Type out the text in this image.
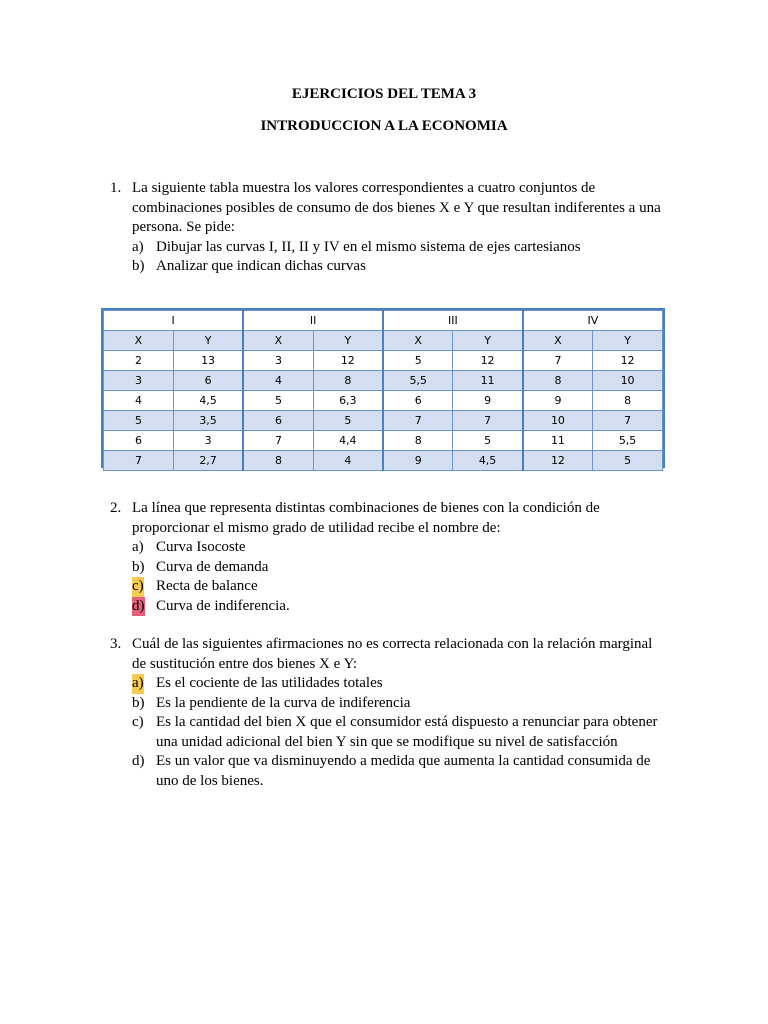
EJERCICIOS DEL TEMA 3
INTRODUCCION A LA ECONOMIA
1. La siguiente tabla muestra los valores correspondientes a cuatro conjuntos de combinaciones posibles de consumo de dos bienes X e Y que resultan indiferentes a una persona. Se pide:
a) Dibujar las curvas I, II, II y IV en el mismo sistema de ejes cartesianos
b) Analizar que indican dichas curvas
I		II		III		IV	
X	Y	X	Y	X	Y	X	Y
2	13	3	12	5	12	7	12
3	6	4	8	5,5	11	8	10
4	4,5	5	6,3	6	9	9	8
5	3,5	6	5	7	7	10	7
6	3	7	4,4	8	5	11	5,5
7	2,7	8	4	9	4,5	12	5
2. La línea que representa distintas combinaciones de bienes con la condición de proporcionar el mismo grado de utilidad recibe el nombre de:
a) Curva Isocoste
b) Curva de demanda
c) Recta de balance
d) Curva de indiferencia.
3. Cuál de las siguientes afirmaciones no es correcta relacionada con la relación marginal de sustitución entre dos bienes X e Y:
a) Es el cociente de las utilidades totales
b) Es la pendiente de la curva de indiferencia
c) Es la cantidad del bien X que el consumidor está dispuesto a renunciar para obtener una unidad adicional del bien Y sin que se modifique su nivel de satisfacción
d) Es un valor que va disminuyendo a medida que aumenta la cantidad consumida de uno de los bienes.
